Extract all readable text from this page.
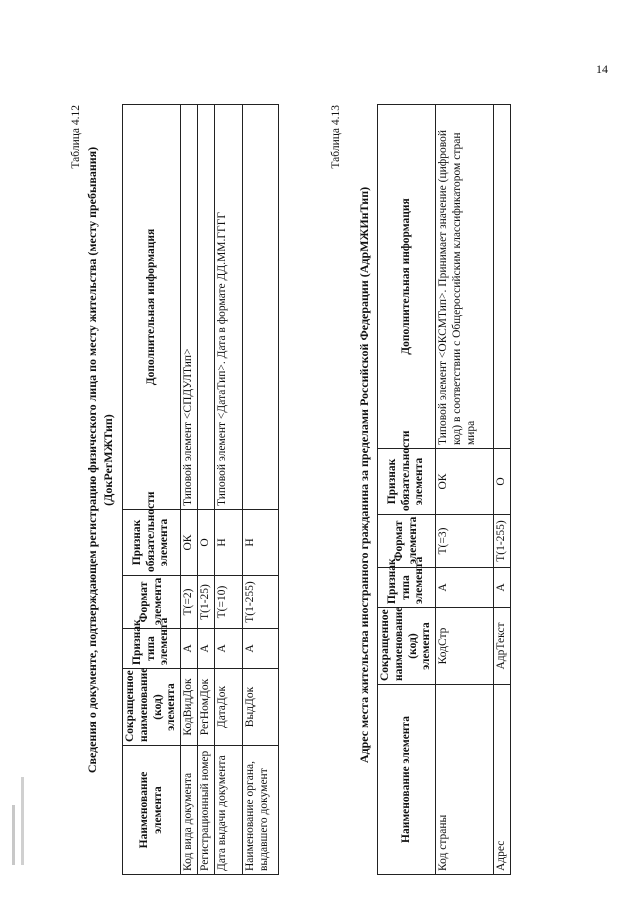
14
Таблица 4.12
Сведения о документе, подтверждающем регистрацию физического лица по месту жительства (месту пребывания) (ДокРегМЖТип)
Наименование элемента	Сокращенное наименование (код) элемента	Признак типа элемента	Формат элемента	Признак обязательности элемента	Дополнительная информация
Код вида документа	КодВидДок	А	Т(=2)	ОК	Типовой элемент <СПДУЛТип>
Регистрационный номер	РегНомДок	А	Т(1-25)	О	
Дата выдачи документа	ДатаДок	А	Т(=10)	Н	Типовой элемент <ДатаТип>. Дата в формате ДД.ММ.ГГГГ
Наименование органа, выдавшего документ	ВыдДок	А	Т(1-255)	Н	
Таблица 4.13
Адрес места жительства иностранного гражданина за пределами Российской Федерации (АдрМЖИнТип)
Наименование элемента	Сокращенное наименование (код) элемента	Признак типа элемента	Формат элемента	Признак обязательности элемента	Дополнительная информация
Код страны	КодСтр	А	Т(=3)	ОК	Типовой элемент <ОКСМТип>. Принимает значение (цифровой код) в соответствии с Общероссийским классификатором стран мира
Адрес	АдрТекст	А	Т(1-255)	О	
